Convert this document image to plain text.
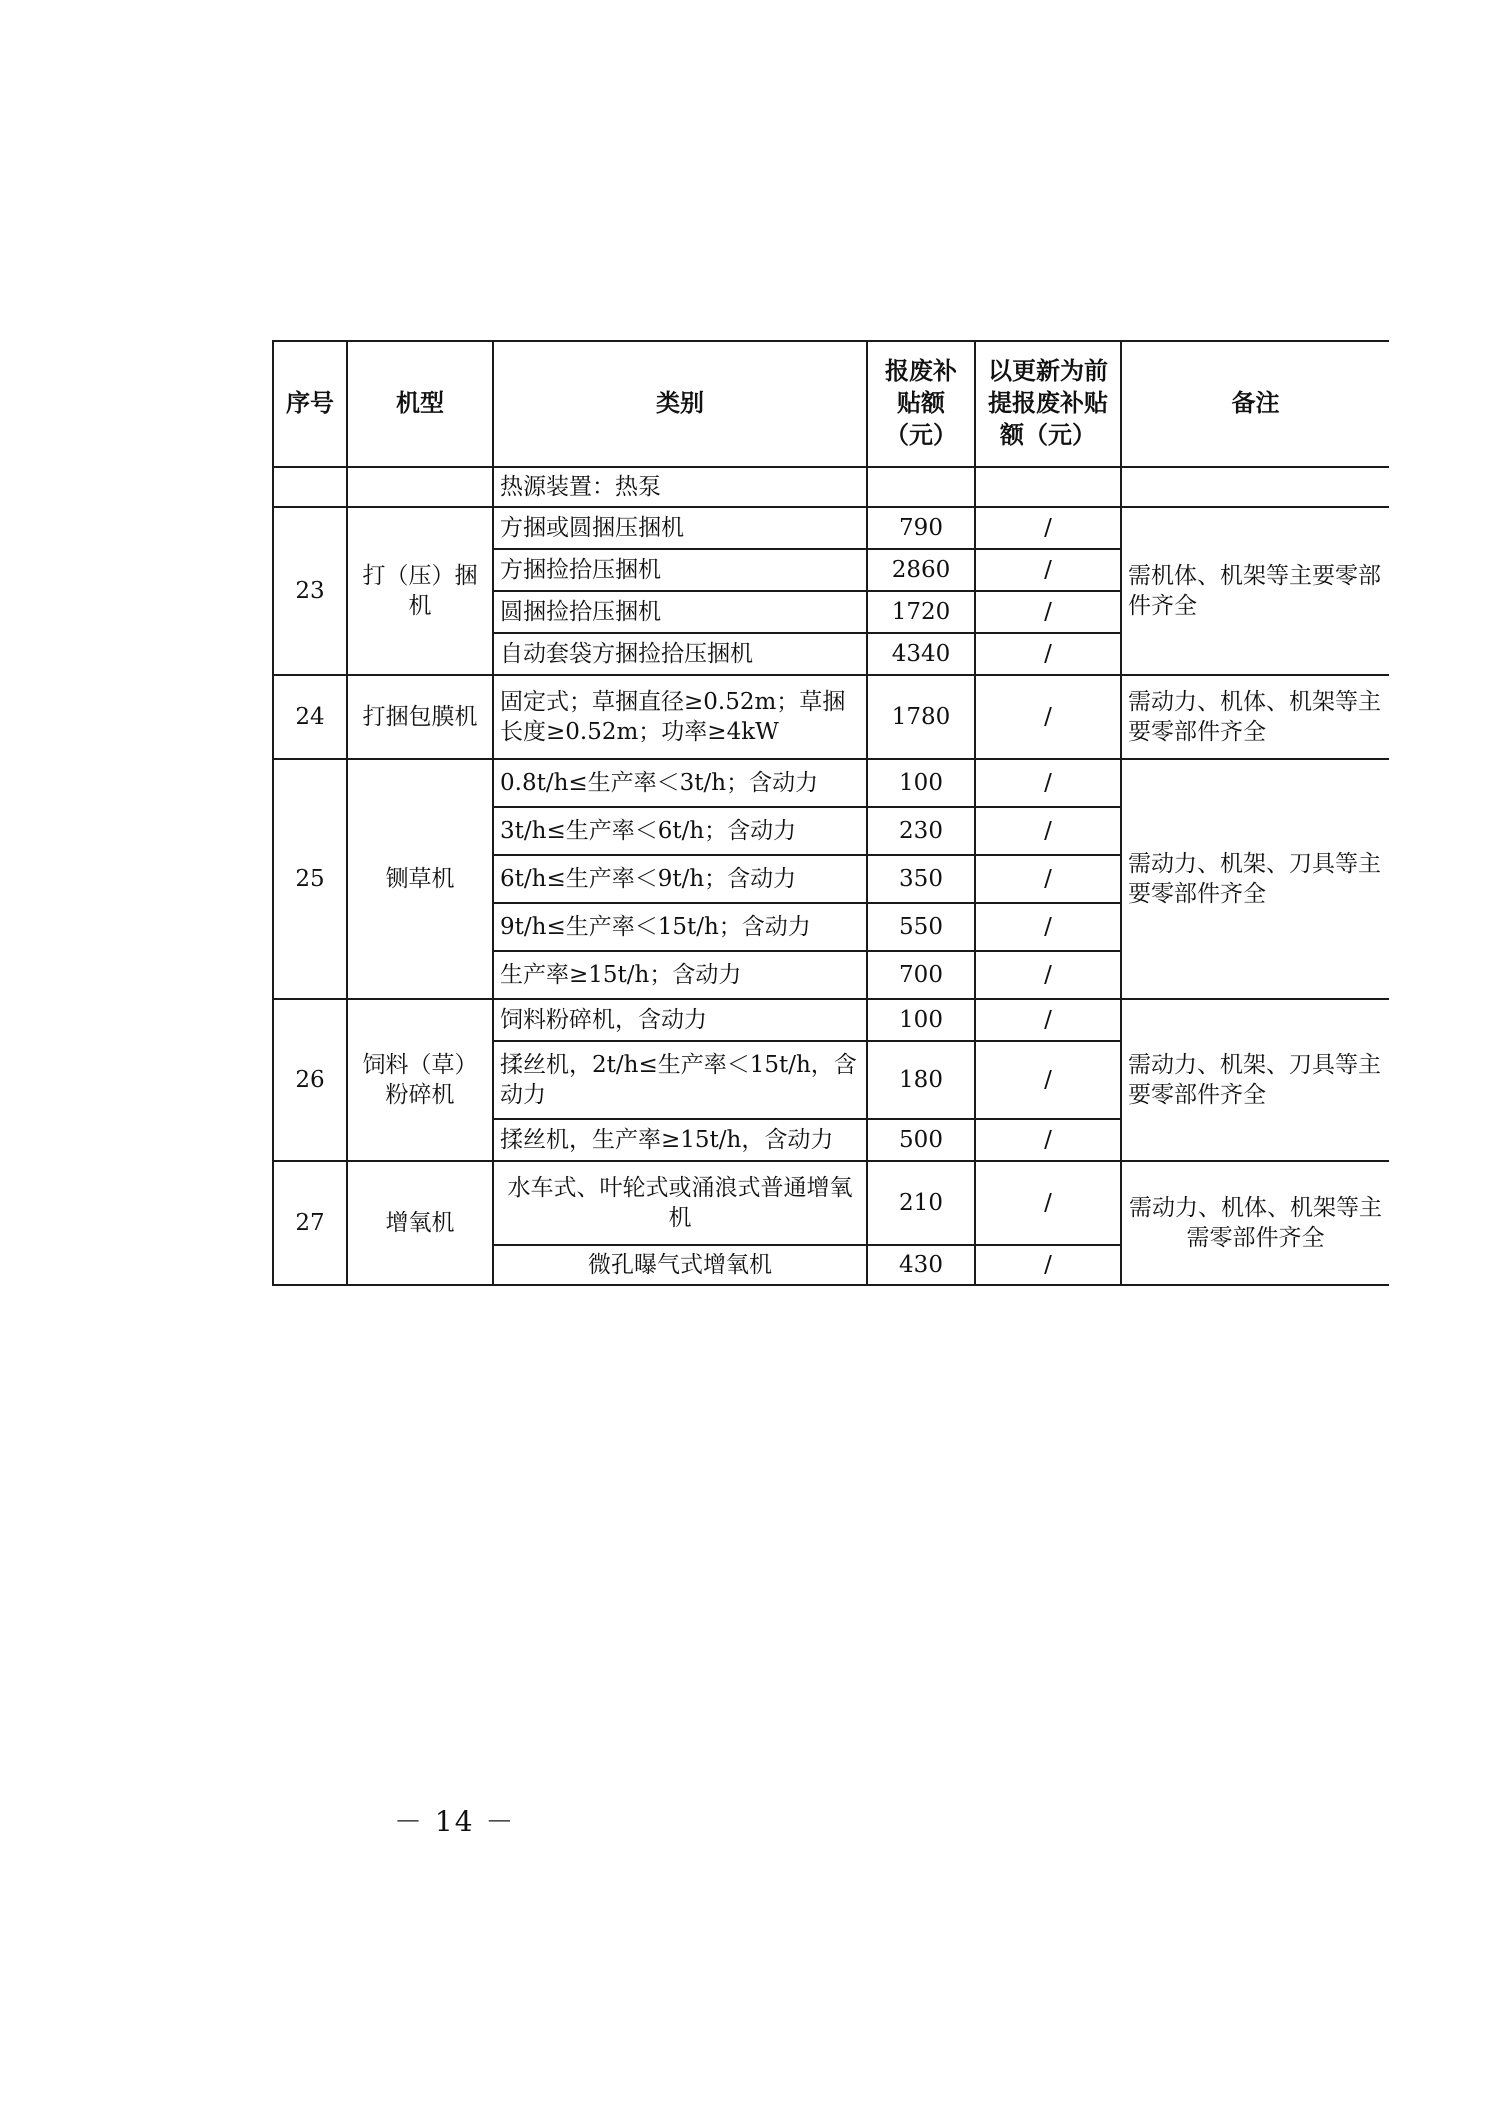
序号	机型	类别	报废补贴额（元）	以更新为前提报废补贴额（元）	备注
		热源装置：热泵			
23	打（压）捆机	方捆或圆捆压捆机	790	/	需机体、机架等主要零部件齐全
		方捆捡拾压捆机	2860	/	
		圆捆捡拾压捆机	1720	/	
		自动套袋方捆捡拾压捆机	4340	/	
24	打捆包膜机	固定式；草捆直径≥0.52m；草捆长度≥0.52m；功率≥4kW	1780	/	需动力、机体、机架等主要零部件齐全
25	铡草机	0.8t/h≤生产率＜3t/h；含动力	100	/	需动力、机架、刀具等主要零部件齐全
		3t/h≤生产率＜6t/h；含动力	230	/	
		6t/h≤生产率＜9t/h；含动力	350	/	
		9t/h≤生产率＜15t/h；含动力	550	/	
		生产率≥15t/h；含动力	700	/	
26	饲料（草）粉碎机	饲料粉碎机，含动力	100	/	需动力、机架、刀具等主要零部件齐全
		揉丝机，2t/h≤生产率＜15t/h，含动力	180	/	
		揉丝机，生产率≥15t/h，含动力	500	/	
27	增氧机	水车式、叶轮式或涌浪式普通增氧机	210	/	需动力、机体、机架等主需零部件齐全
		微孔曝气式增氧机	430	/	
－ 14 －
